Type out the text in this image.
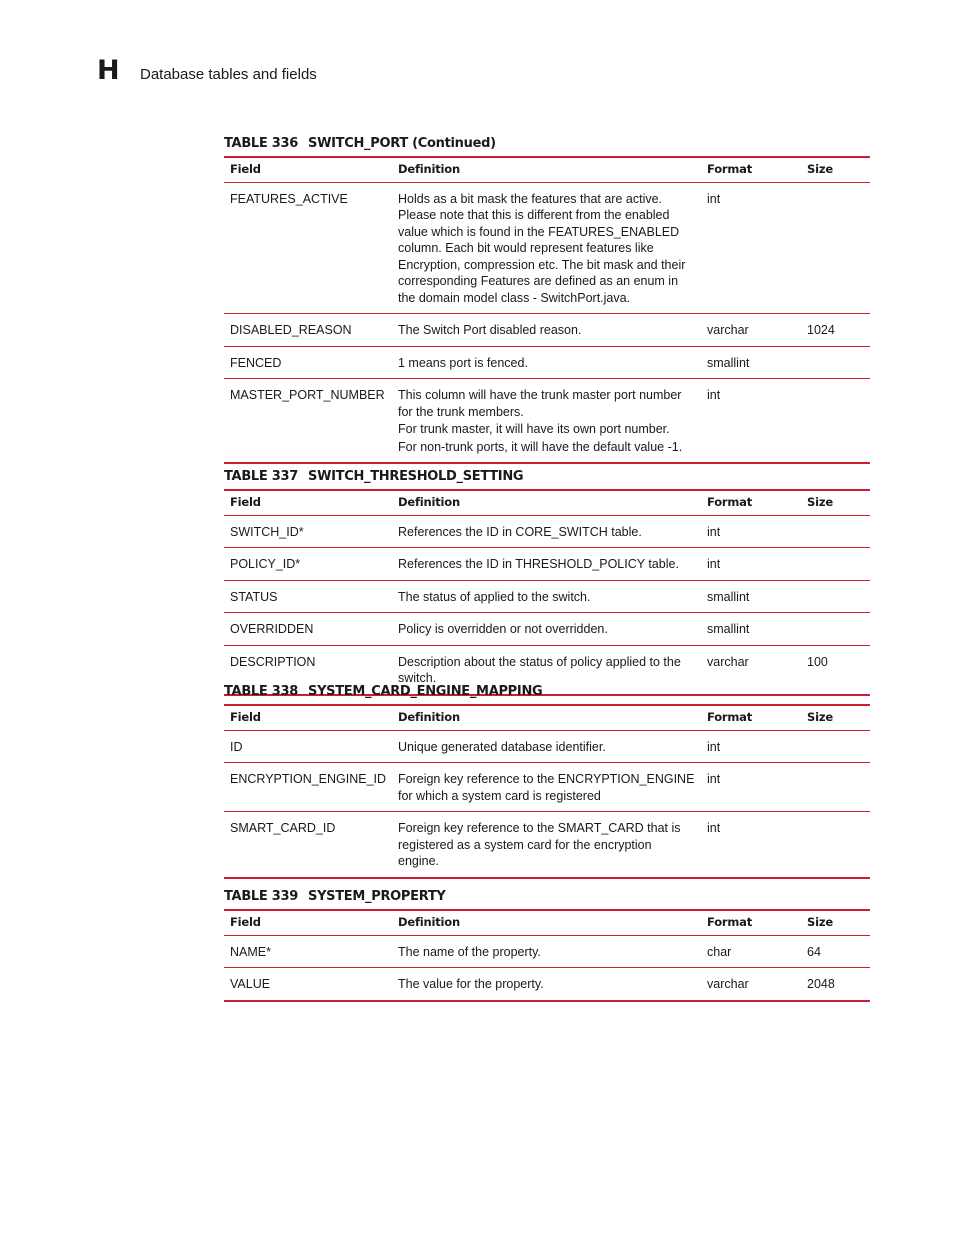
H Database tables and fields
TABLE 336 SWITCH_PORT (Continued)
Field	Definition	Format	Size
FEATURES_ACTIVE	Holds as a bit mask the features that are active. Please note that this is different from the enabled value which is found in the FEATURES_ENABLED column. Each bit would represent features like Encryption, compression etc. The bit mask and their corresponding Features are defined as an enum in the domain model class - SwitchPort.java.	int	
DISABLED_REASON	The Switch Port disabled reason.	varchar	1024
FENCED	1 means port is fenced.	smallint	
MASTER_PORT_NUMBER	This column will have the trunk master port number for the trunk members.

For trunk master, it will have its own port number.

For non-trunk ports, it will have the default value -1.	int	
TABLE 337 SWITCH_THRESHOLD_SETTING
Field	Definition	Format	Size
SWITCH_ID*	References the ID in CORE_SWITCH table.	int	
POLICY_ID*	References the ID in THRESHOLD_POLICY table.	int	
STATUS	The status of applied to the switch.	smallint	
OVERRIDDEN	Policy is overridden or not overridden.	smallint	
DESCRIPTION	Description about the status of policy applied to the switch.	varchar	100
TABLE 338 SYSTEM_CARD_ENGINE_MAPPING
Field	Definition	Format	Size
ID	Unique generated database identifier.	int	
ENCRYPTION_ENGINE_ID	Foreign key reference to the ENCRYPTION_ENGINE for which a system card is registered	int	
SMART_CARD_ID	Foreign key reference to the SMART_CARD that is registered as a system card for the encryption engine.	int	
TABLE 339 SYSTEM_PROPERTY
Field	Definition	Format	Size
NAME*	The name of the property.	char	64
VALUE	The value for the property.	varchar	2048
